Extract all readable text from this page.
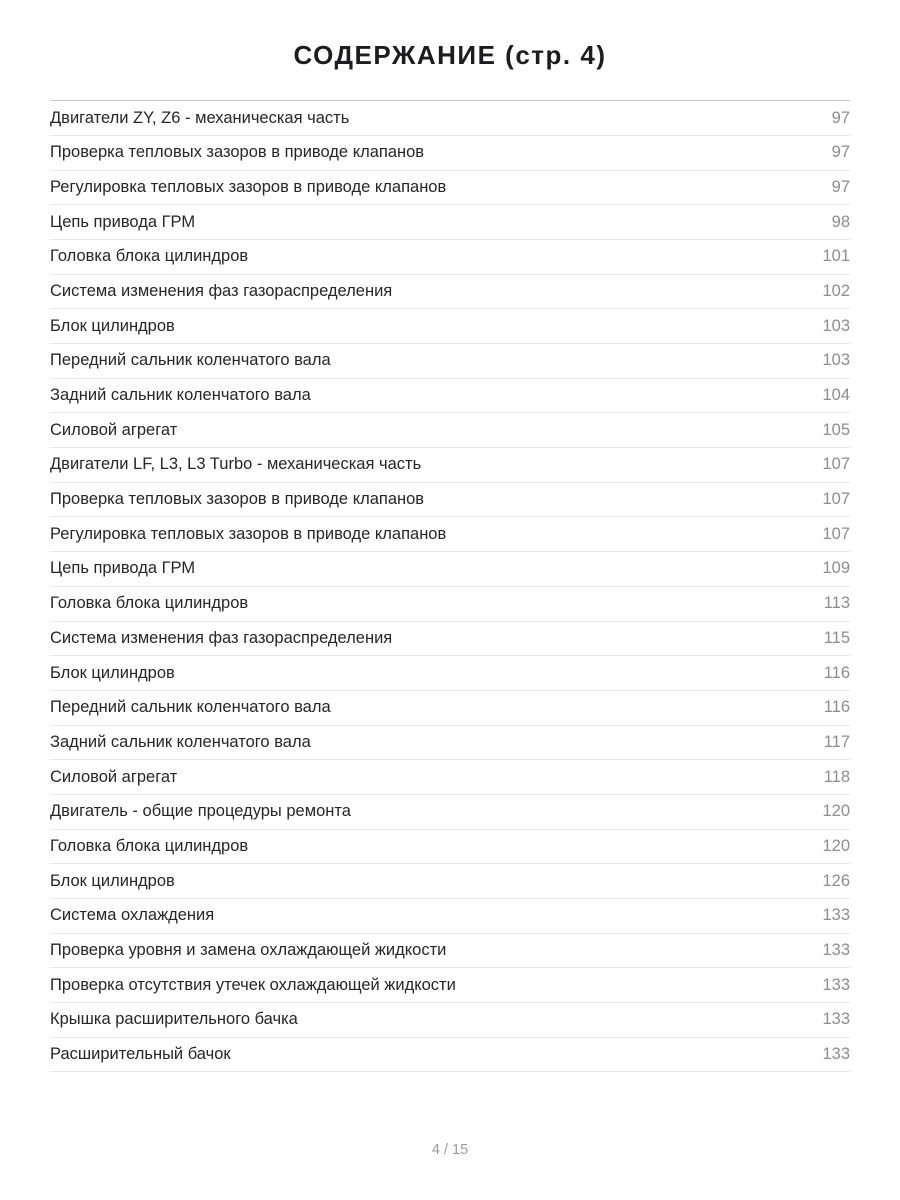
СОДЕРЖАНИЕ (стр. 4)
Двигатели ZY, Z6 - механическая часть	97
Проверка тепловых зазоров в приводе клапанов	97
Регулировка тепловых зазоров в приводе клапанов	97
Цепь привода ГРМ	98
Головка блока цилиндров	101
Система изменения фаз газораспределения	102
Блок цилиндров	103
Передний сальник коленчатого вала	103
Задний сальник коленчатого вала	104
Силовой агрегат	105
Двигатели LF, L3, L3 Turbo - механическая часть	107
Проверка тепловых зазоров в приводе клапанов	107
Регулировка тепловых зазоров в приводе клапанов	107
Цепь привода ГРМ	109
Головка блока цилиндров	113
Система изменения фаз газораспределения	115
Блок цилиндров	116
Передний сальник коленчатого вала	116
Задний сальник коленчатого вала	117
Силовой агрегат	118
Двигатель - общие процедуры ремонта	120
Головка блока цилиндров	120
Блок цилиндров	126
Система охлаждения	133
Проверка уровня и замена охлаждающей жидкости	133
Проверка отсутствия утечек охлаждающей жидкости	133
Крышка расширительного бачка	133
Расширительный бачок	133
4 / 15
